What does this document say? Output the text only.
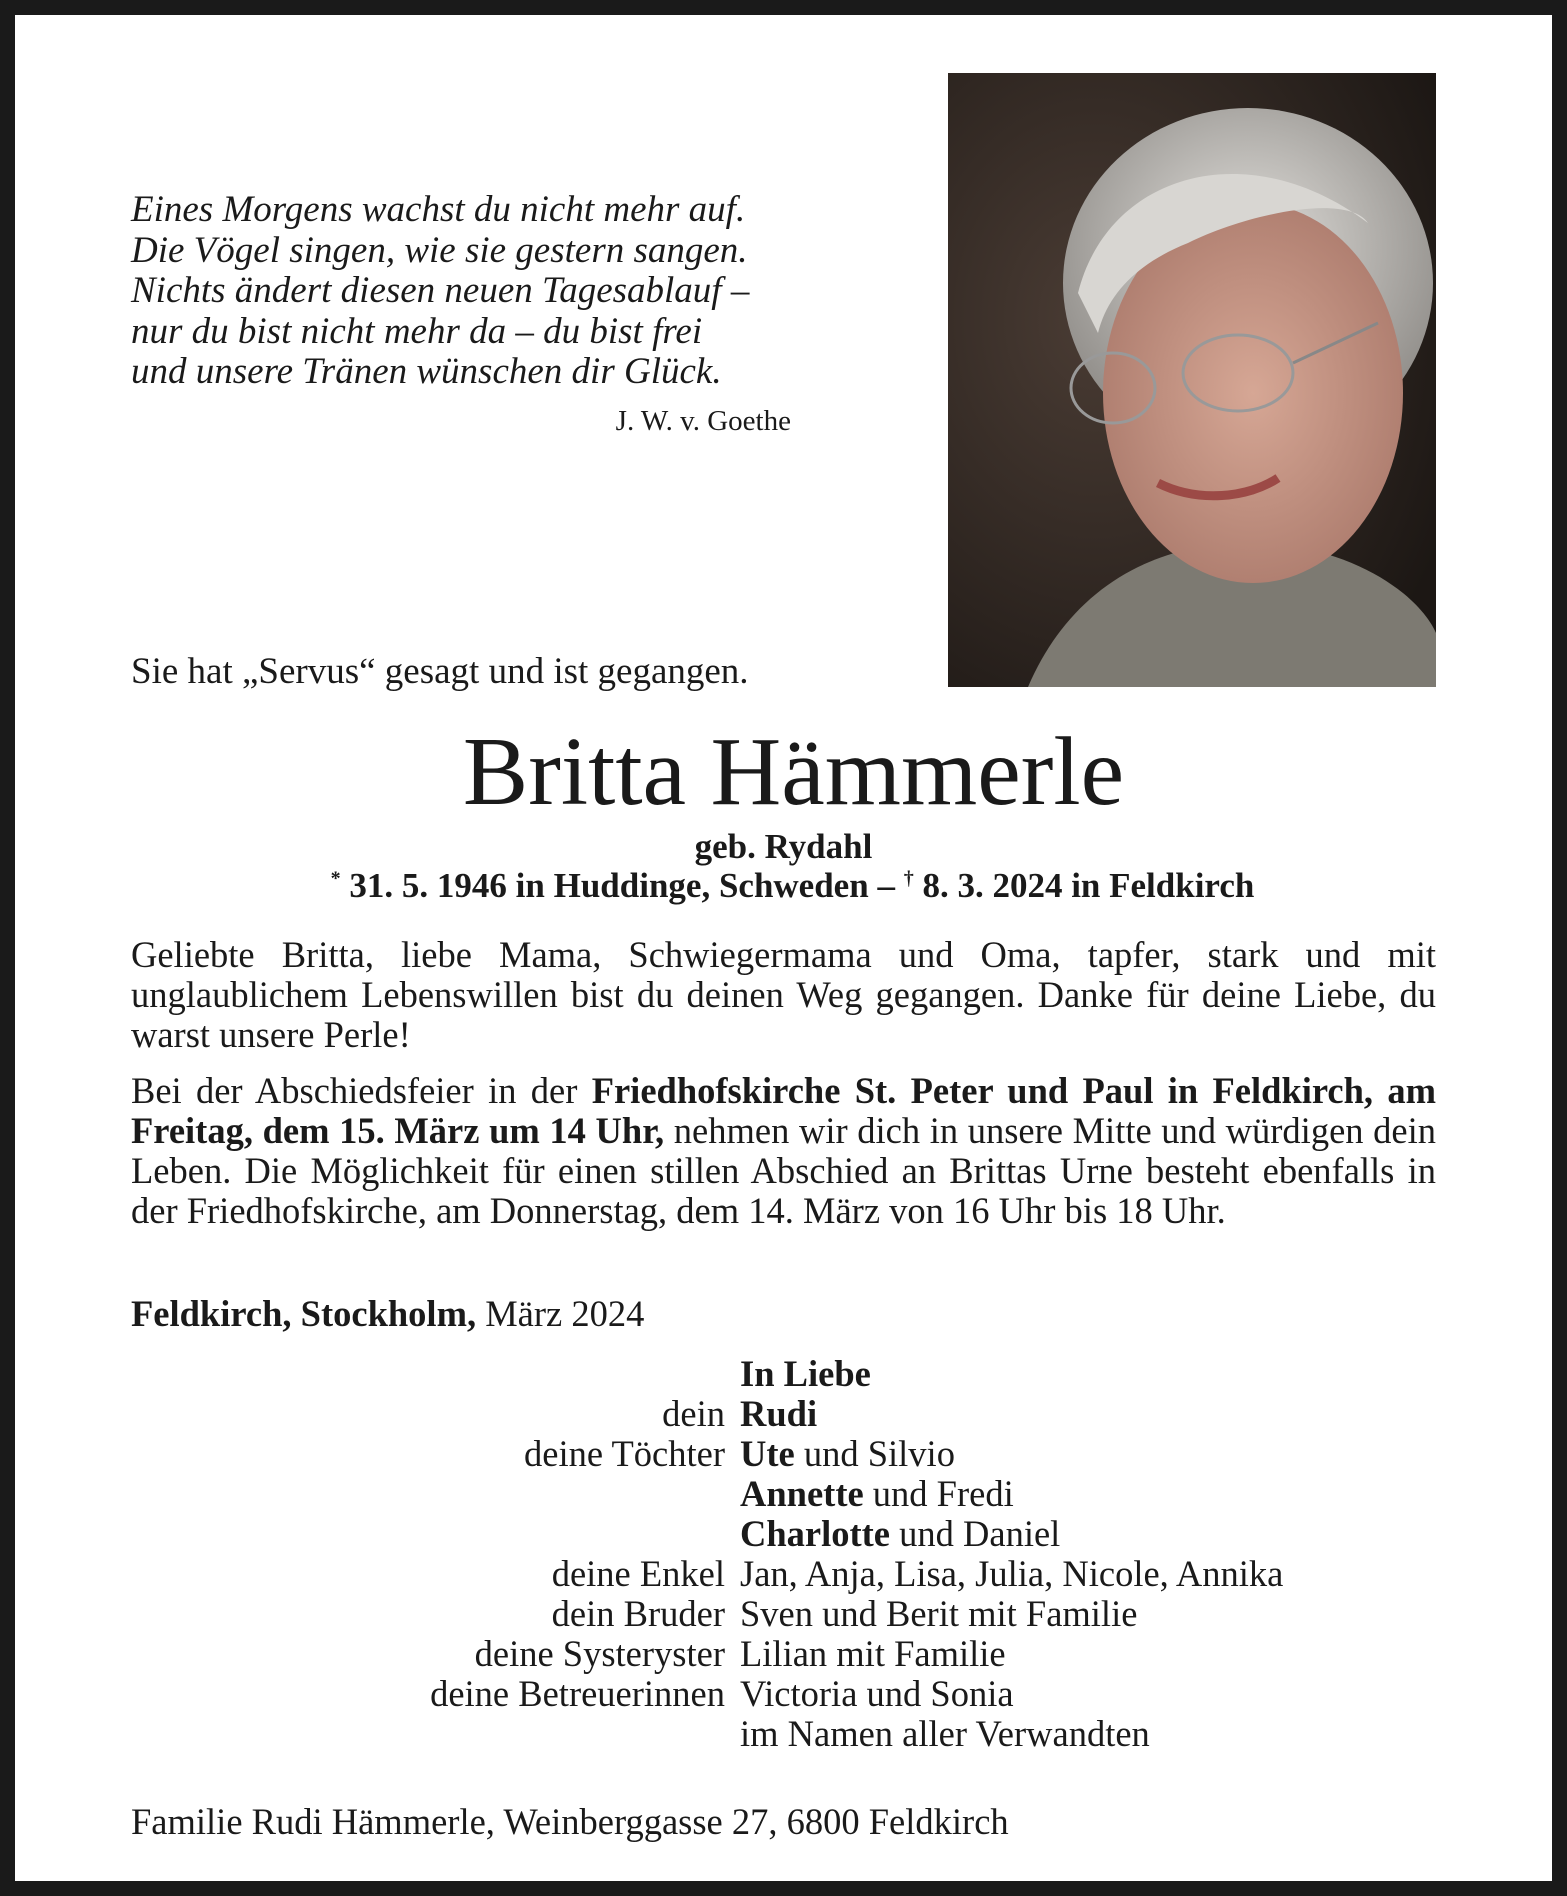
Eines Morgens wachst du nicht mehr auf.
Die Vögel singen, wie sie gestern sangen.
Nichts ändert diesen neuen Tagesablauf –
nur du bist nicht mehr da – du bist frei
und unsere Tränen wünschen dir Glück.
J. W. v. Goethe
Sie hat „Servus“ gesagt und ist gegangen.
Britta Hämmerle
geb. Rydahl
* 31. 5. 1946 in Huddinge, Schweden – † 8. 3. 2024 in Feldkirch
Geliebte Britta, liebe Mama, Schwiegermama und Oma, tapfer, stark und mit unglaublichem Lebenswillen bist du deinen Weg gegangen. Danke für deine Liebe, du warst unsere Perle!
Bei der Abschiedsfeier in der Friedhofskirche St. Peter und Paul in Feldkirch, am Freitag, dem 15. März um 14 Uhr, nehmen wir dich in unsere Mitte und würdigen dein Leben. Die Möglichkeit für einen stillen Abschied an Brittas Urne besteht ebenfalls in der Friedhofskirche, am Donnerstag, dem 14. März von 16 Uhr bis 18 Uhr.
Feldkirch, Stockholm, März 2024
In Liebe
dein Rudi
deine Töchter Ute und Silvio
Annette und Fredi
Charlotte und Daniel
deine Enkel Jan, Anja, Lisa, Julia, Nicole, Annika
dein Bruder Sven und Berit mit Familie
deine Systeryster Lilian mit Familie
deine Betreuerinnen Victoria und Sonia
im Namen aller Verwandten
Familie Rudi Hämmerle, Weinberggasse 27, 6800 Feldkirch
